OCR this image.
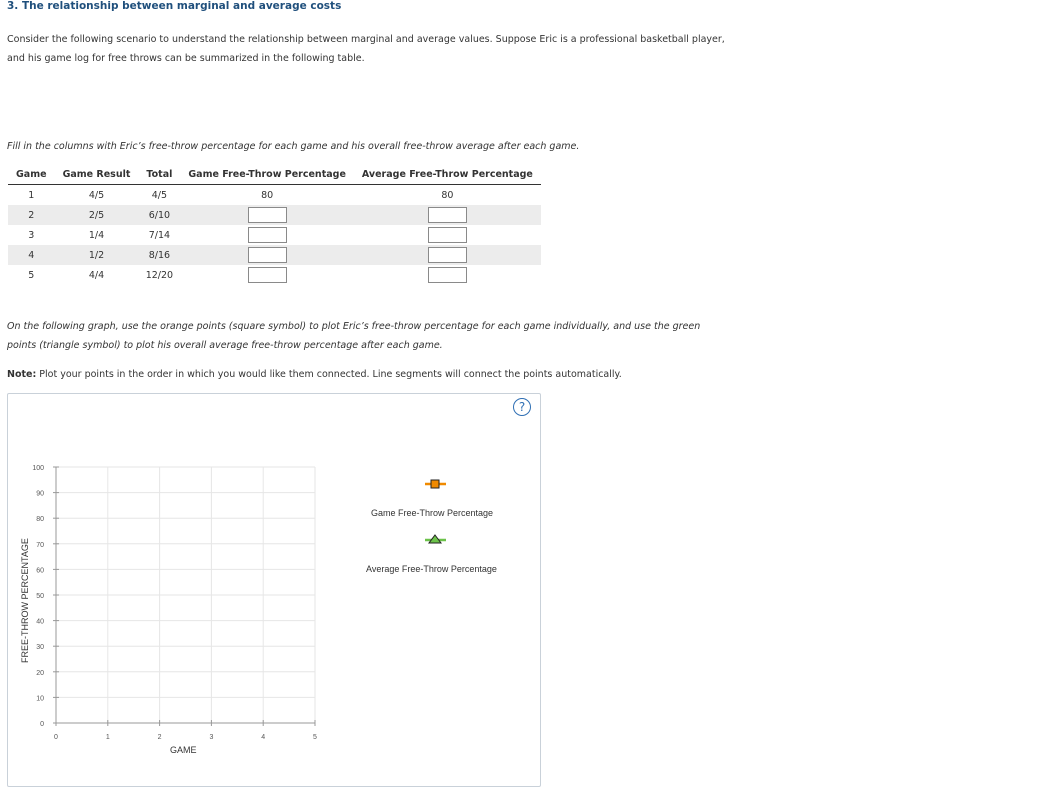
3. The relationship between marginal and average costs
Consider the following scenario to understand the relationship between marginal and average values. Suppose Eric is a professional basketball player,
and his game log for free throws can be summarized in the following table.
Fill in the columns with Eric’s free-throw percentage for each game and his overall free-throw average after each game.
Game	Game Result	Total	Game Free-Throw Percentage	Average Free-Throw Percentage
1	4/5	4/5	80	80
2	2/5	6/10		
3	1/4	7/14		
4	1/2	8/16		
5	4/4	12/20		
On the following graph, use the orange points (square symbol) to plot Eric’s free-throw percentage for each game individually, and use the green
points (triangle symbol) to plot his overall average free-throw percentage after each game.
Note: Plot your points in the order in which you would like them connected. Line segments will connect the points automatically.
?
0
10
20
30
40
50
60
70
80
90
100
0	1	2	3	4	5
Game Free-Throw Percentage
Average Free-Throw Percentage
FREE-THROW PERCENTAGE
GAME
